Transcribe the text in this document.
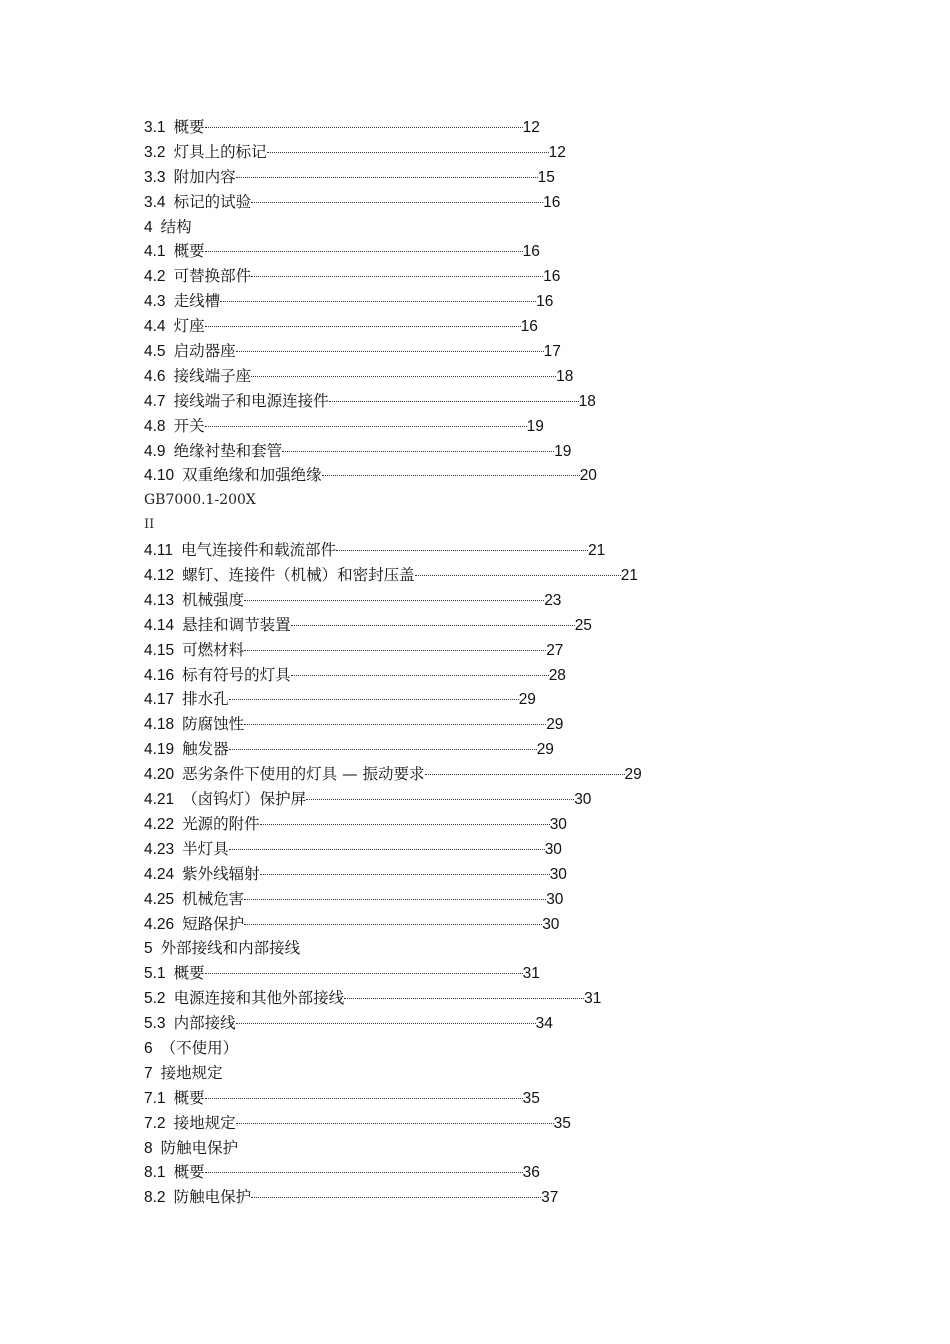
3.1 概要	12
3.2 灯具上的标记	12
3.3 附加内容	15
3.4 标记的试验	16
4 结构
4.1 概要	16
4.2 可替换部件	16
4.3 走线槽	16
4.4 灯座	16
4.5 启动器座	17
4.6 接线端子座	18
4.7 接线端子和电源连接件	18
4.8 开关	19
4.9 绝缘衬垫和套管	19
4.10 双重绝缘和加强绝缘	20
GB7000.1-200X
II
4.11 电气连接件和载流部件	21
4.12 螺钉、连接件（机械）和密封压盖	21
4.13 机械强度	23
4.14 悬挂和调节装置	25
4.15 可燃材料	27
4.16 标有符号的灯具	28
4.17 排水孔	29
4.18 防腐蚀性	29
4.19 触发器	29
4.20 恶劣条件下使用的灯具 — 振动要求	29
4.21 （卤钨灯）保护屏	30
4.22 光源的附件	30
4.23 半灯具	30
4.24 紫外线辐射	30
4.25 机械危害	30
4.26 短路保护	30
5 外部接线和内部接线
5.1 概要	31
5.2 电源连接和其他外部接线	31
5.3 内部接线	34
6 （不使用）
7 接地规定
7.1 概要	35
7.2 接地规定	35
8 防触电保护
8.1 概要	36
8.2 防触电保护	37
